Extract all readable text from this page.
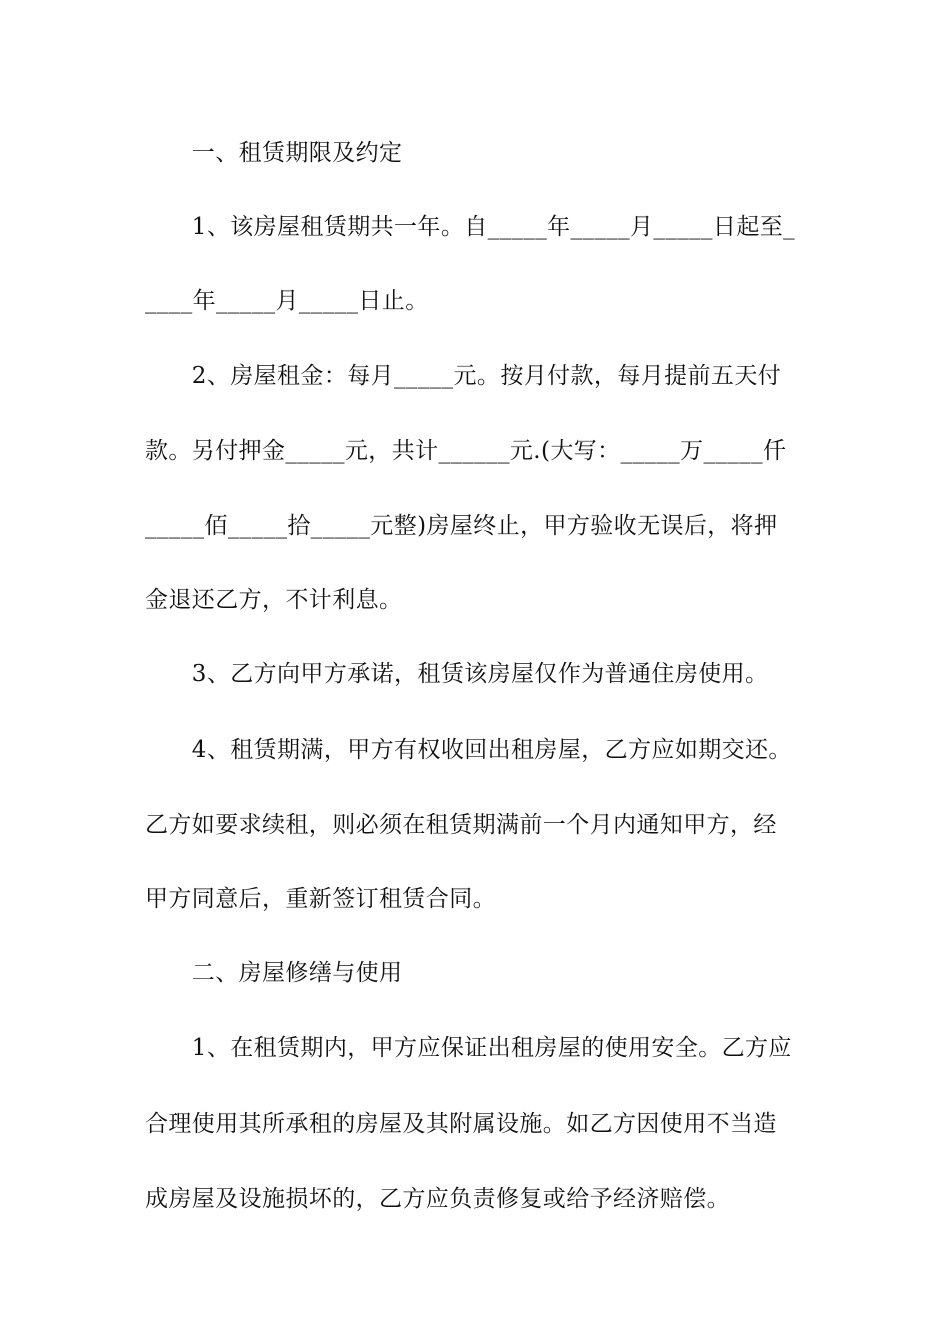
　　一、租赁期限及约定

　　1、该房屋租赁期共一年。自_____年_____月_____日起至_

____年_____月_____日止。

　　2、房屋租金：每月_____元。按月付款，每月提前五天付

款。另付押金_____元，共计______元.(大写：_____万_____仟

_____佰_____拾_____元整)房屋终止，甲方验收无误后，将押

金退还乙方，不计利息。

　　3、乙方向甲方承诺，租赁该房屋仅作为普通住房使用。

　　4、租赁期满，甲方有权收回出租房屋，乙方应如期交还。

乙方如要求续租，则必须在租赁期满前一个月内通知甲方，经

甲方同意后，重新签订租赁合同。

　　二、房屋修缮与使用

　　1、在租赁期内，甲方应保证出租房屋的使用安全。乙方应

合理使用其所承租的房屋及其附属设施。如乙方因使用不当造

成房屋及设施损坏的，乙方应负责修复或给予经济赔偿。
